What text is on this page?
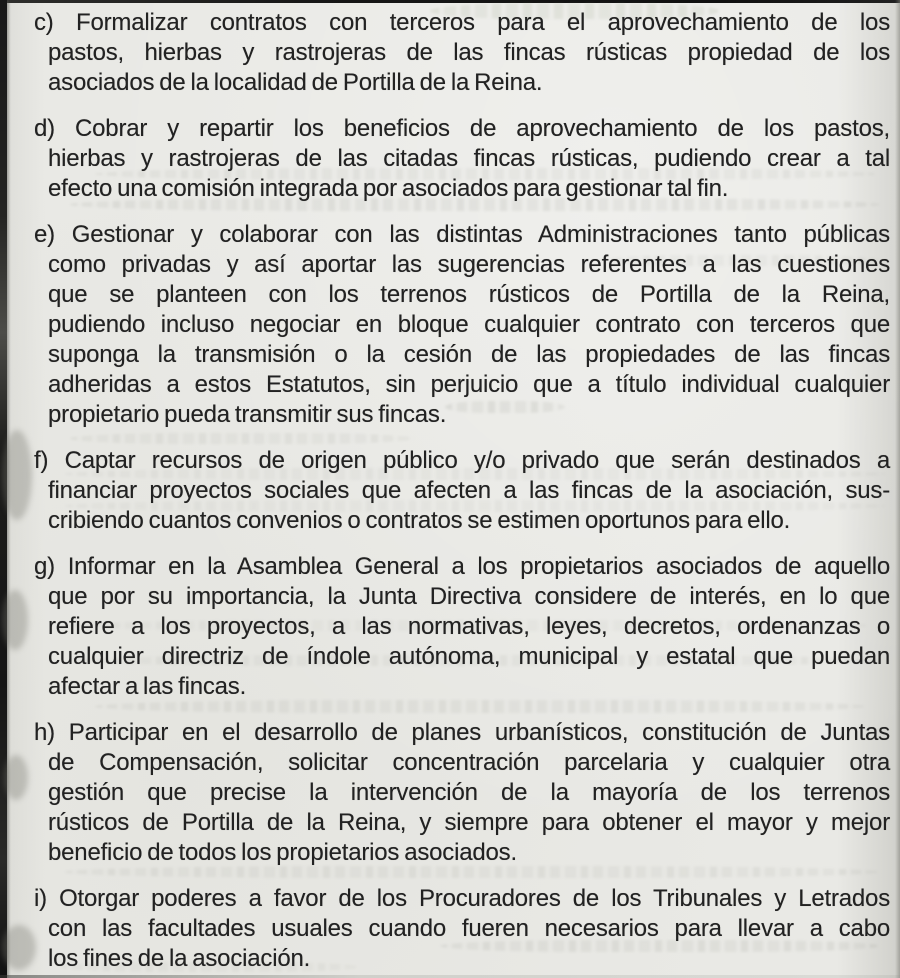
c) Formalizar contratos con terceros para el aprovechamiento de los
pastos, hierbas y rastrojeras de las fincas rústicas propiedad de los
asociados de la localidad de Portilla de la Reina.
d) Cobrar y repartir los beneficios de aprovechamiento de los pastos,
hierbas y rastrojeras de las citadas fincas rústicas, pudiendo crear a tal
efecto una comisión integrada por asociados para gestionar tal fin.
e) Gestionar y colaborar con las distintas Administraciones tanto públicas
como privadas y así aportar las sugerencias referentes a las cuestiones
que se planteen con los terrenos rústicos de Portilla de la Reina,
pudiendo incluso negociar en bloque cualquier contrato con terceros que
suponga la transmisión o la cesión de las propiedades de las fincas
adheridas a estos Estatutos, sin perjuicio que a título individual cualquier
propietario pueda transmitir sus fincas.
f) Captar recursos de origen público y/o privado que serán destinados a
financiar proyectos sociales que afecten a las fincas de la asociación, sus-
cribiendo cuantos convenios o contratos se estimen oportunos para ello.
g) Informar en la Asamblea General a los propietarios asociados de aquello
que por su importancia, la Junta Directiva considere de interés, en lo que
refiere a los proyectos, a las normativas, leyes, decretos, ordenanzas o
cualquier directriz de índole autónoma, municipal y estatal que puedan
afectar a las fincas.
h) Participar en el desarrollo de planes urbanísticos, constitución de Juntas
de Compensación, solicitar concentración parcelaria y cualquier otra
gestión que precise la intervención de la mayoría de los terrenos
rústicos de Portilla de la Reina, y siempre para obtener el mayor y mejor
beneficio de todos los propietarios asociados.
i) Otorgar poderes a favor de los Procuradores de los Tribunales y Letrados
con las facultades usuales cuando fueren necesarios para llevar a cabo
los fines de la asociación.
